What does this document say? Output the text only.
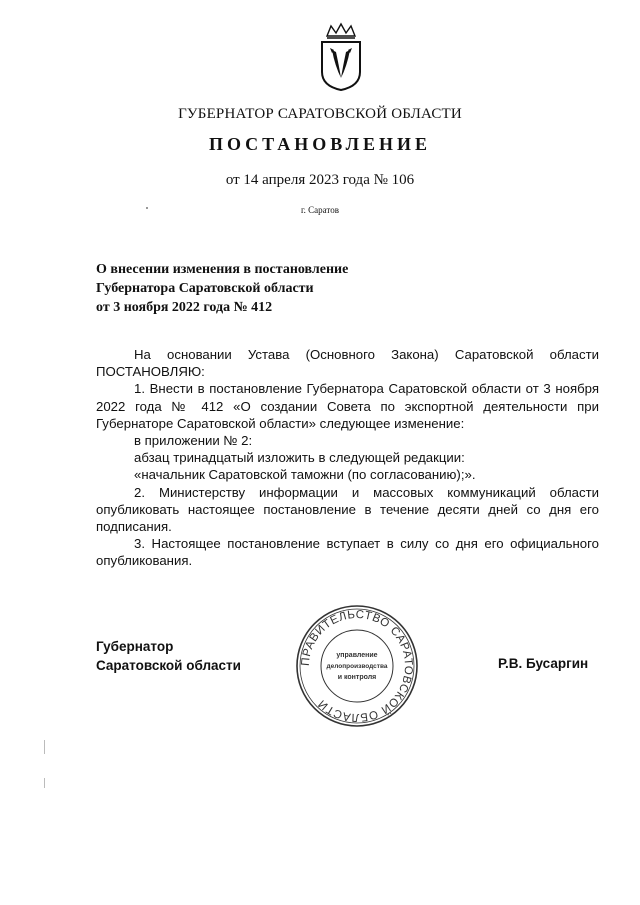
ГУБЕРНАТОР САРАТОВСКОЙ ОБЛАСТИ
ПОСТАНОВЛЕНИЕ
от 14 апреля 2023 года № 106
г. Саратов
О внесении изменения в постановление
Губернатора Саратовской области
от 3 ноября 2022 года № 412

На основании Устава (Основного Закона) Саратовской области ПОСТАНОВЛЯЮ:

1. Внести в постановление Губернатора Саратовской области от 3 ноября 2022 года № 412 «О создании Совета по экспортной деятельности при Губернаторе Саратовской области» следующее изменение:

в приложении № 2:

абзац тринадцатый изложить в следующей редакции:

«начальник Саратовской таможни (по согласованию);».

2. Министерству информации и массовых коммуникаций области опубликовать настоящее постановление в течение десяти дней со дня его подписания.

3. Настоящее постановление вступает в силу со дня его официального опубликования.

Губернатор
Саратовской области	ПРАВИТЕЛЬСТВО САРАТОВСКОЙ ОБЛАСТИ
управление
делопроизводства
и контроля
Р.В. Бусаргин
